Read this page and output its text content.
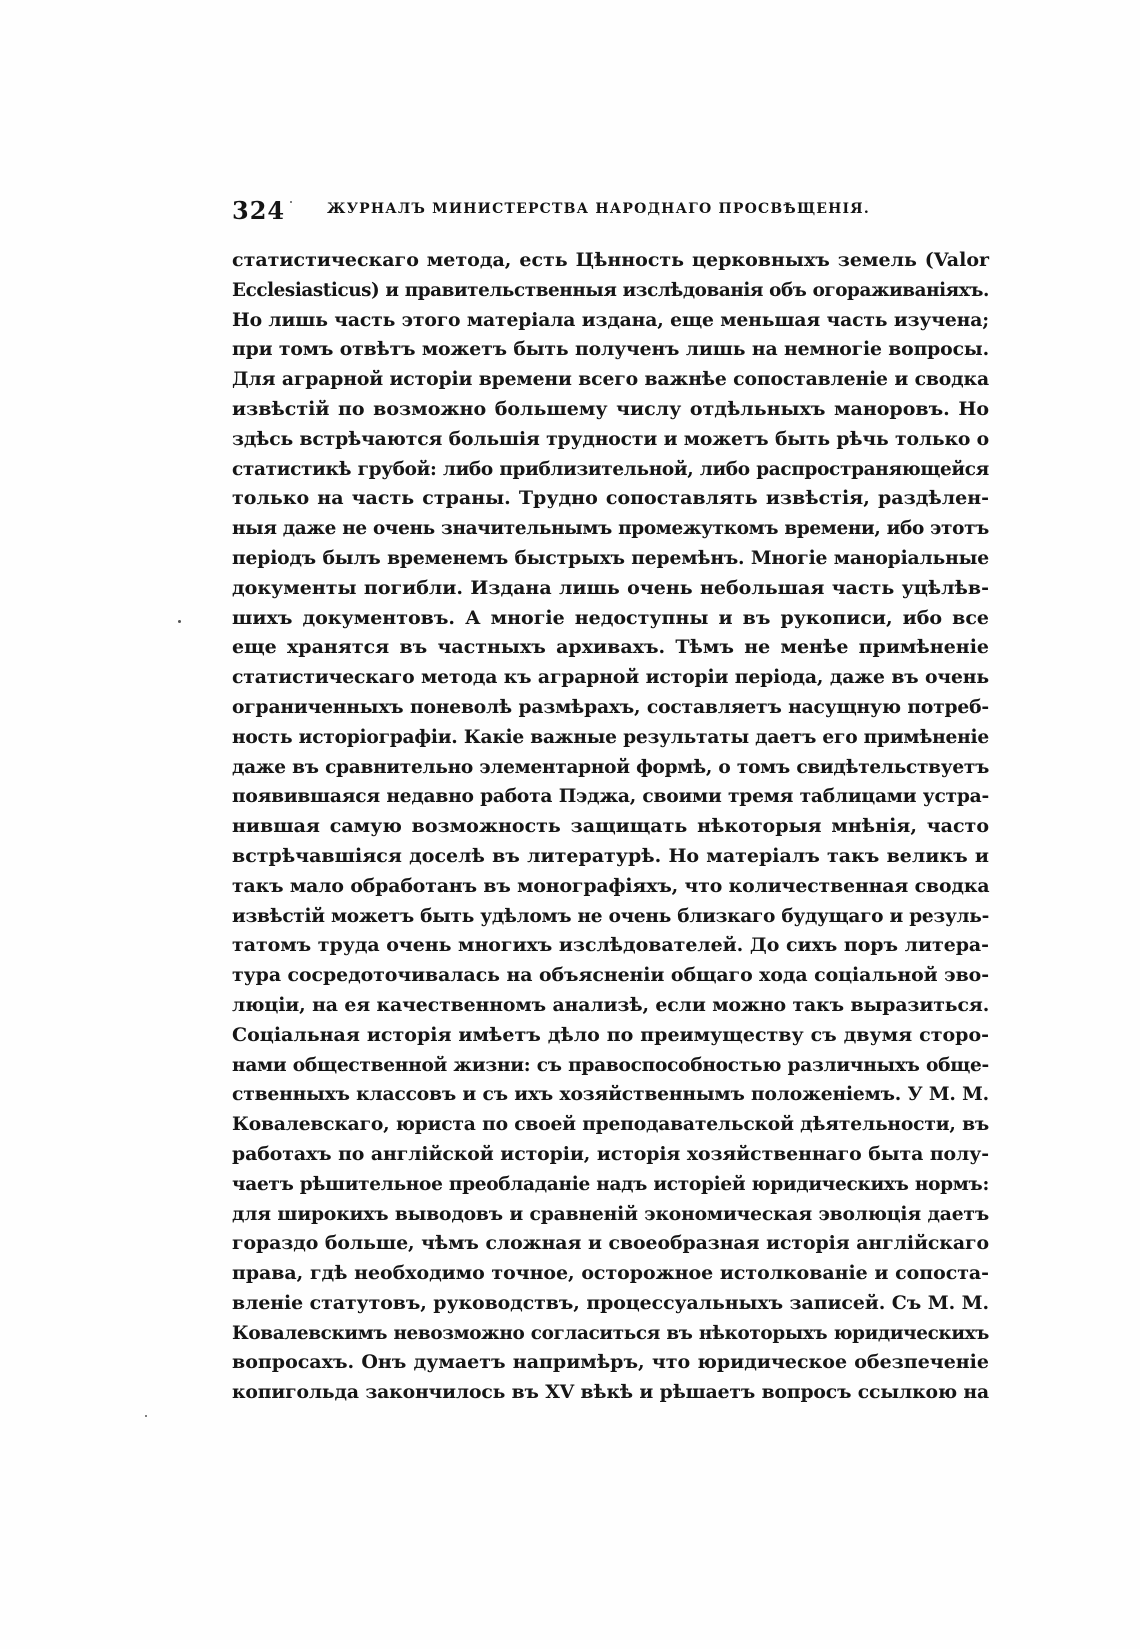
324	ЖУРНАЛЪ МИНИСТЕРСТВА НАРОДНАГО ПРОСВѢЩЕНІЯ.
статистическаго метода, есть Цѣнность церковныхъ земель (Valor
Ecclesiasticus) и правительственныя изслѣдованія объ огораживаніяхъ.
Но лишь часть этого матеріала издана, еще меньшая часть изучена;
при томъ отвѣтъ можетъ быть полученъ лишь на немногіе вопросы.
Для аграрной исторіи времени всего важнѣе сопоставленіе и сводка
извѣстій по возможно большему числу отдѣльныхъ маноровъ. Но
здѣсь встрѣчаются большія трудности и можетъ быть рѣчь только о
статистикѣ грубой: либо приблизительной, либо распространяющейся
только на часть страны. Трудно сопоставлять извѣстія, раздѣлен-
ныя даже не очень значительнымъ промежуткомъ времени, ибо этотъ
періодъ былъ временемъ быстрыхъ перемѣнъ. Многіе маноріальные
документы погибли. Издана лишь очень небольшая часть уцѣлѣв-
шихъ документовъ. А многіе недоступны и въ рукописи, ибо все
еще хранятся въ частныхъ архивахъ. Тѣмъ не менѣе примѣненіе
статистическаго метода къ аграрной исторіи періода, даже въ очень
ограниченныхъ поневолѣ размѣрахъ, составляетъ насущную потреб-
ность исторіографіи. Какіе важные результаты даетъ его примѣненіе
даже въ сравнительно элементарной формѣ, о томъ свидѣтельствуетъ
появившаяся недавно работа Пэджа, своими тремя таблицами устра-
нившая самую возможность защищать нѣкоторыя мнѣнія, часто
встрѣчавшіяся доселѣ въ литературѣ. Но матеріалъ такъ великъ и
такъ мало обработанъ въ монографіяхъ, что количественная сводка
извѣстій можетъ быть удѣломъ не очень близкаго будущаго и резуль-
татомъ труда очень многихъ изслѣдователей. До сихъ поръ литера-
тура сосредоточивалась на объясненіи общаго хода соціальной эво-
люціи, на ея качественномъ анализѣ, если можно такъ выразиться.
Соціальная исторія имѣетъ дѣло по преимуществу съ двумя сторо-
нами общественной жизни: съ правоспособностью различныхъ обще-
ственныхъ классовъ и съ ихъ хозяйственнымъ положеніемъ. У М. М.
Ковалевскаго, юриста по своей преподавательской дѣятельности, въ
работахъ по англійской исторіи, исторія хозяйственнаго быта полу-
чаетъ рѣшительное преобладаніе надъ исторіей юридическихъ нормъ:
для широкихъ выводовъ и сравненій экономическая эволюція даетъ
гораздо больше, чѣмъ сложная и своеобразная исторія англійскаго
права, гдѣ необходимо точное, осторожное истолкованіе и сопоста-
вленіе статутовъ, руководствъ, процессуальныхъ записей. Съ М. М.
Ковалевскимъ невозможно согласиться въ нѣкоторыхъ юридическихъ
вопросахъ. Онъ думаетъ напримѣръ, что юридическое обезпеченіе
копигольда закончилось въ XV вѣкѣ и рѣшаетъ вопросъ ссылкою на
